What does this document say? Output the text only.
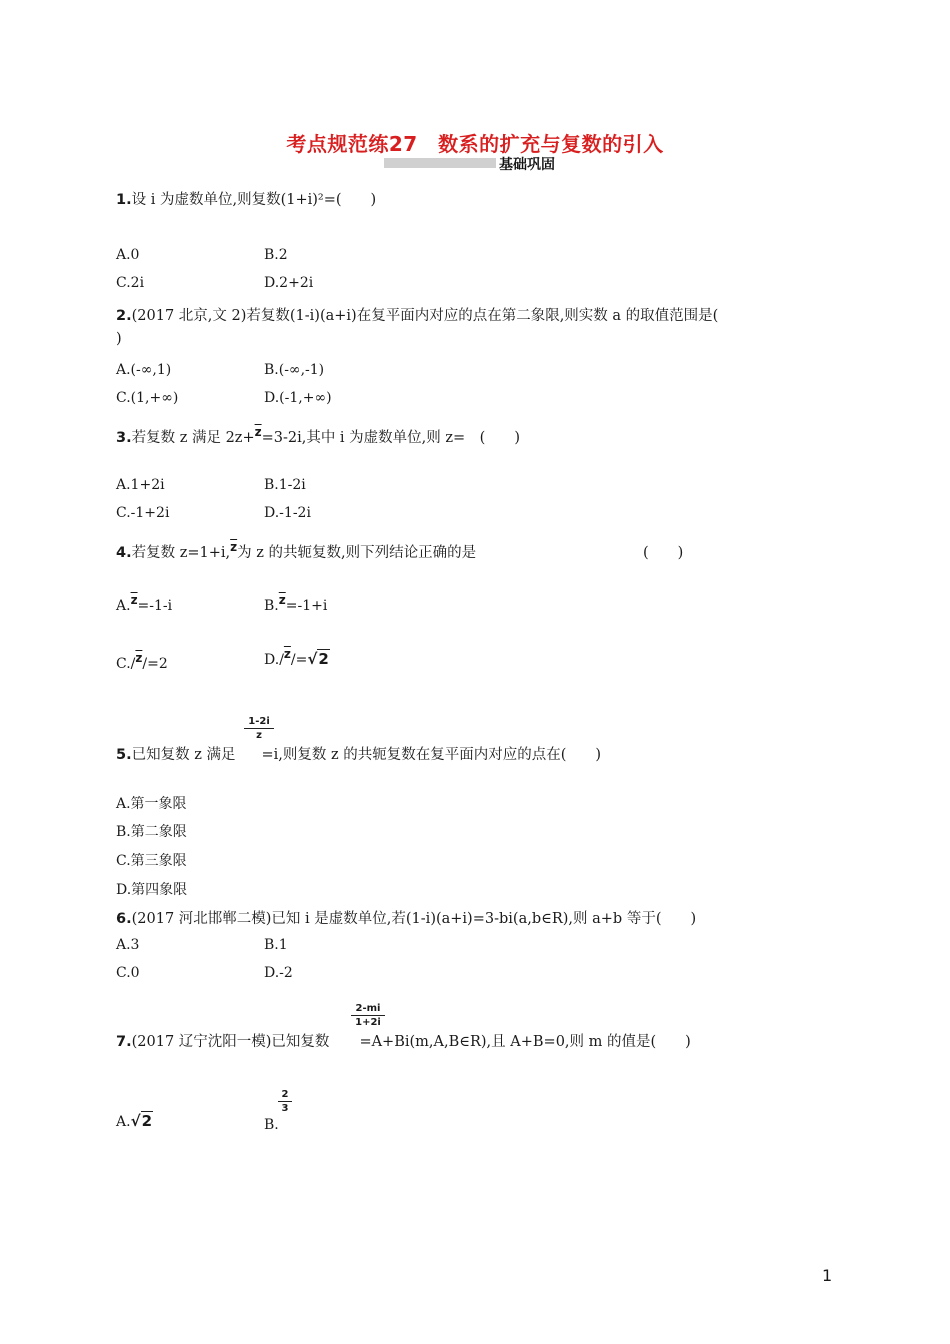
考点规范练27　数系的扩充与复数的引入
基础巩固
1.设 i 为虚数单位,则复数(1+i)²=(　　)
A.0	B.2
C.2i	D.2+2i
2.(2017 北京,文 2)若复数(1-i)(a+i)在复平面内对应的点在第二象限,则实数 a 的取值范围是(
)
A.(-∞,1)	B.(-∞,-1)
C.(1,+∞)	D.(-1,+∞)
3.若复数 z 满足 2z+$^{\overline{z}}$=3-2i,其中 i 为虚数单位,则 z=　(　　)
A.1+2i	B.1-2i
C.-1+2i	D.-1-2i
4.若复数 z=1+i,$^{\overline{z}}$为 z 的共轭复数,则下列结论正确的是	(　　)
$A.\overline{z}=-1-i$	$B.\overline{z}=-1+i$
$C./\overline{z}/=2$	$D./\overline{z}/=√2$
1-2i
z
5.已知复数 z 满足 =i,则复数 z 的共轭复数在复平面内对应的点在(　　)
A.第一象限
B.第二象限
C.第三象限
D.第四象限
6.(2017 河北邯郸二模)已知 i 是虚数单位,若(1-i)(a+i)=3-bi(a,b∈R),则 a+b 等于(　　)
A.3	B.1
C.0	D.-2
2-mi
1+2i
7.(2017 辽宁沈阳一模)已知复数 =A+Bi(m,A,B∈R),且 A+B=0,则 m 的值是(　　)
A.√2	B.
2
3
1
